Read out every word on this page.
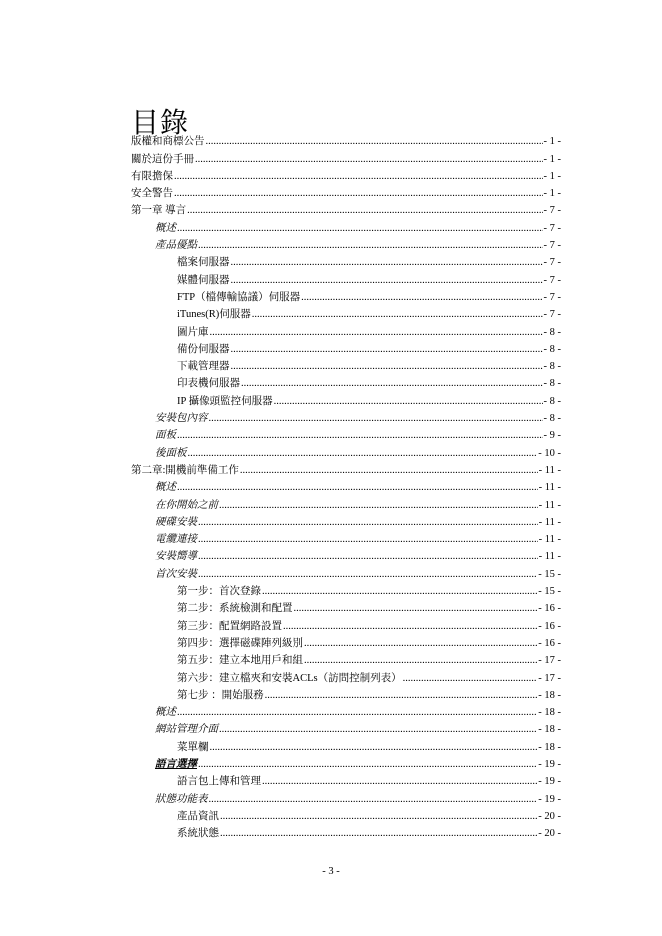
目錄
版權和商標公告 .....	- 1 -
關於這份手冊 .....	- 1 -
有限擔保 .....	- 1 -
安全警告 .....	- 1 -
第一章 導言 .....	- 7 -
概述 .....	- 7 -
產品優點 .....	- 7 -
檔案伺服器 .....	- 7 -
媒體伺服器 .....	- 7 -
FTP（檔傳輸協議）伺服器 .....	- 7 -
iTunes(R)伺服器 .....	- 7 -
圖片庫 .....	- 8 -
備份伺服器 .....	- 8 -
下載管理器 .....	- 8 -
印表機伺服器 .....	- 8 -
IP 攝像頭監控伺服器 .....	- 8 -
安裝包內容 .....	- 8 -
面板 .....	- 9 -
後面板 .....	- 10 -
第二章:開機前準備工作 .....	- 11 -
概述 .....	- 11 -
在你開始之前 .....	- 11 -
硬碟安裝 .....	- 11 -
電纜連接 .....	- 11 -
安裝嚮導 .....	- 11 -
首次安裝 .....	- 15 -
第一步：首次登錄 .....	- 15 -
第二步：系統檢測和配置 .....	- 16 -
第三步：配置網路設置 .....	- 16 -
第四步：選擇磁碟陣列級別 .....	- 16 -
第五步：建立本地用戶和組 .....	- 17 -
第六步：建立檔夾和安裝ACLs（訪問控制列表） .....	- 17 -
第七步 ：開始服務 .....	- 18 -
概述 .....	- 18 -
網站管理介面 .....	- 18 -
菜單欄 .....	- 18 -
語言選擇 .....	- 19 -
語言包上傳和管理 .....	- 19 -
狀態功能表 .....	- 19 -
產品資訊 .....	- 20 -
系統狀態 .....	- 20 -
- 3 -
